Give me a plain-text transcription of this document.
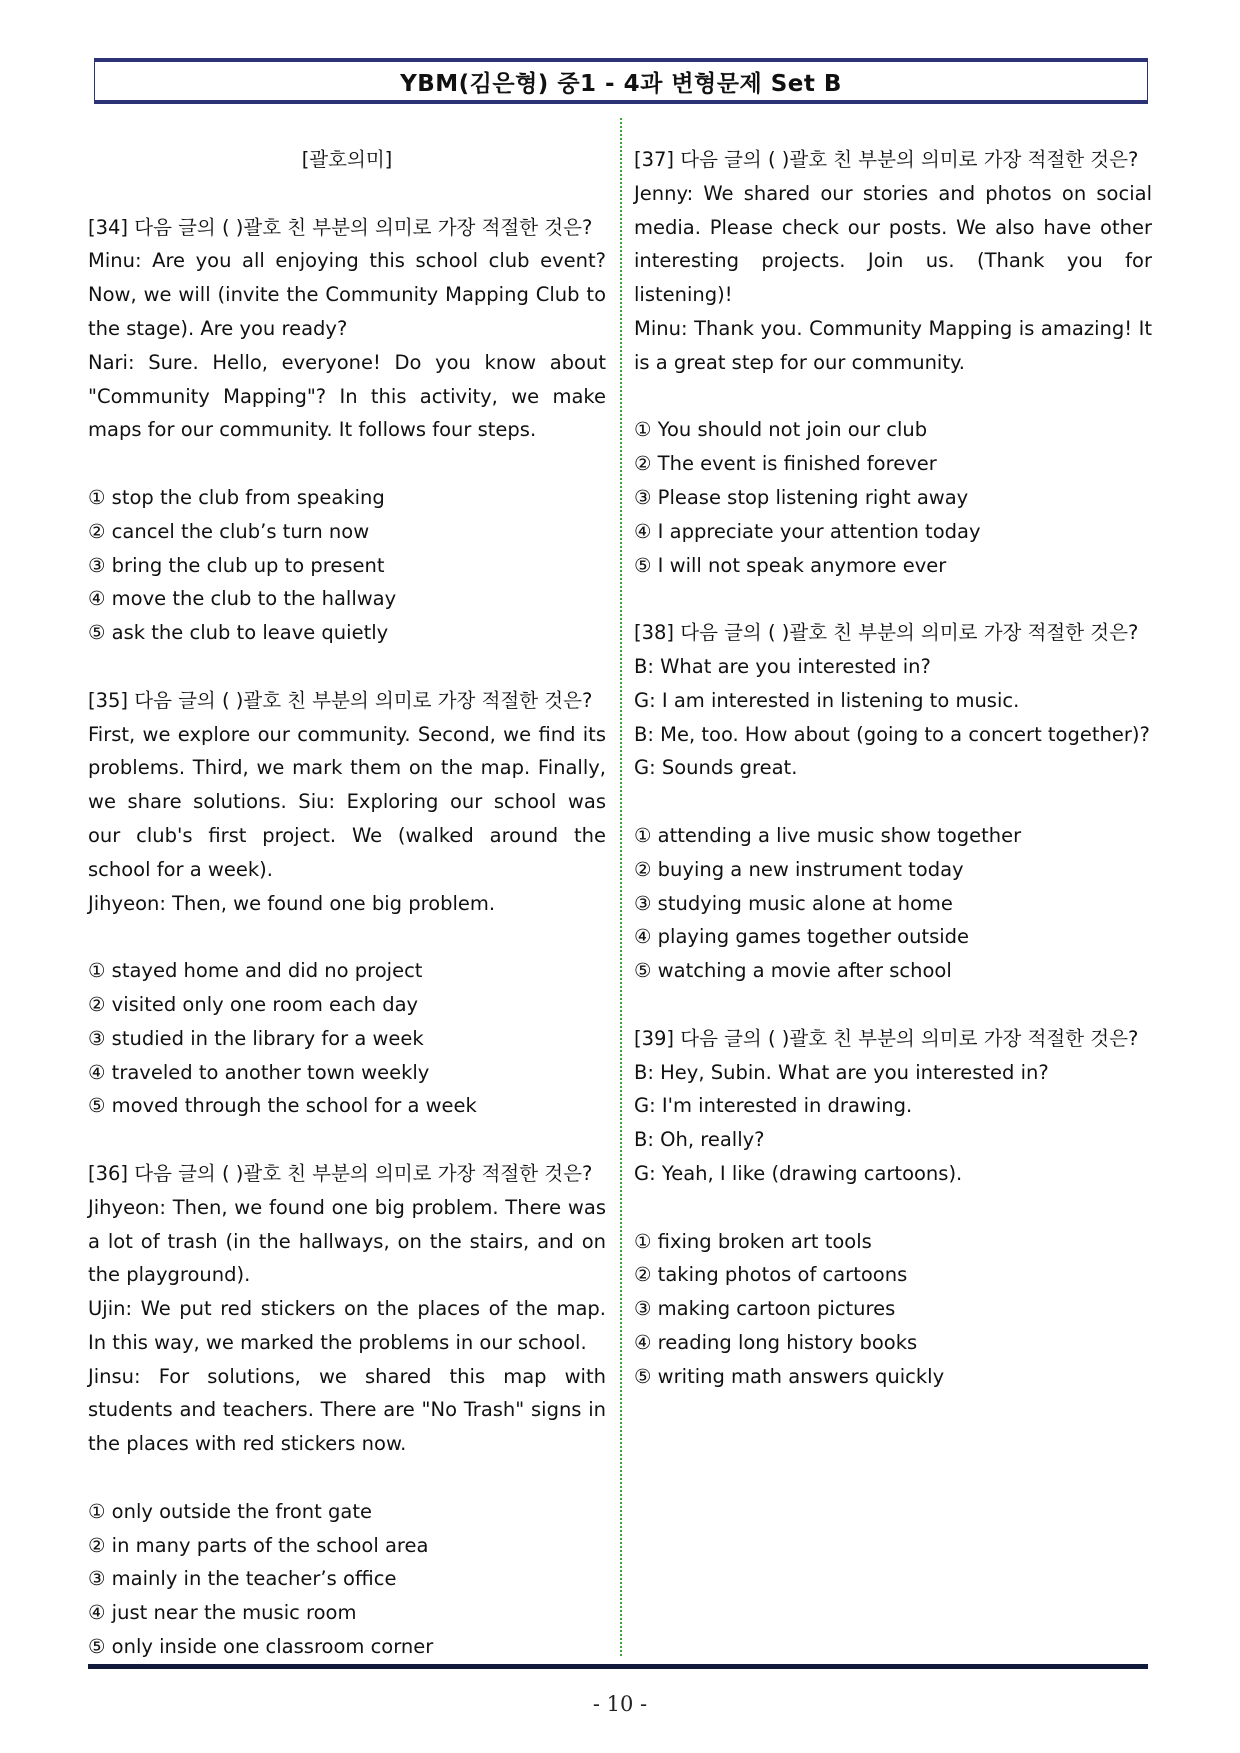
YBM(김은형) 중1 - 4과 변형문제 Set B
[괄호의미]
[34] 다음 글의 ( )괄호 친 부분의 의미로 가장 적절한 것은?
Minu: Are you all enjoying this school club event? Now, we will (invite the Community Mapping Club to the stage). Are you ready?
Nari: Sure. Hello, everyone! Do you know about "Community Mapping"? In this activity, we make maps for our community. It follows four steps.
① stop the club from speaking
② cancel the club’s turn now
③ bring the club up to present
④ move the club to the hallway
⑤ ask the club to leave quietly
[35] 다음 글의 ( )괄호 친 부분의 의미로 가장 적절한 것은?
First, we explore our community. Second, we find its problems. Third, we mark them on the map. Finally, we share solutions. Siu: Exploring our school was our club's first project. We (walked around the school for a week).
Jihyeon: Then, we found one big problem.
① stayed home and did no project
② visited only one room each day
③ studied in the library for a week
④ traveled to another town weekly
⑤ moved through the school for a week
[36] 다음 글의 ( )괄호 친 부분의 의미로 가장 적절한 것은?
Jihyeon: Then, we found one big problem. There was a lot of trash (in the hallways, on the stairs, and on the playground).
Ujin: We put red stickers on the places of the map. In this way, we marked the problems in our school.
Jinsu: For solutions, we shared this map with students and teachers. There are "No Trash" signs in the places with red stickers now.
① only outside the front gate
② in many parts of the school area
③ mainly in the teacher’s office
④ just near the music room
⑤ only inside one classroom corner
[37] 다음 글의 ( )괄호 친 부분의 의미로 가장 적절한 것은?
Jenny: We shared our stories and photos on social media. Please check our posts. We also have other interesting projects. Join us. (Thank you for listening)!
Minu: Thank you. Community Mapping is amazing! It is a great step for our community.
① You should not join our club
② The event is finished forever
③ Please stop listening right away
④ I appreciate your attention today
⑤ I will not speak anymore ever
[38] 다음 글의 ( )괄호 친 부분의 의미로 가장 적절한 것은?
B: What are you interested in?
G: I am interested in listening to music.
B: Me, too. How about (going to a concert together)?
G: Sounds great.
① attending a live music show together
② buying a new instrument today
③ studying music alone at home
④ playing games together outside
⑤ watching a movie after school
[39] 다음 글의 ( )괄호 친 부분의 의미로 가장 적절한 것은?
B: Hey, Subin. What are you interested in?
G: I'm interested in drawing.
B: Oh, really?
G: Yeah, I like (drawing cartoons).
① fixing broken art tools
② taking photos of cartoons
③ making cartoon pictures
④ reading long history books
⑤ writing math answers quickly
- 10 -
